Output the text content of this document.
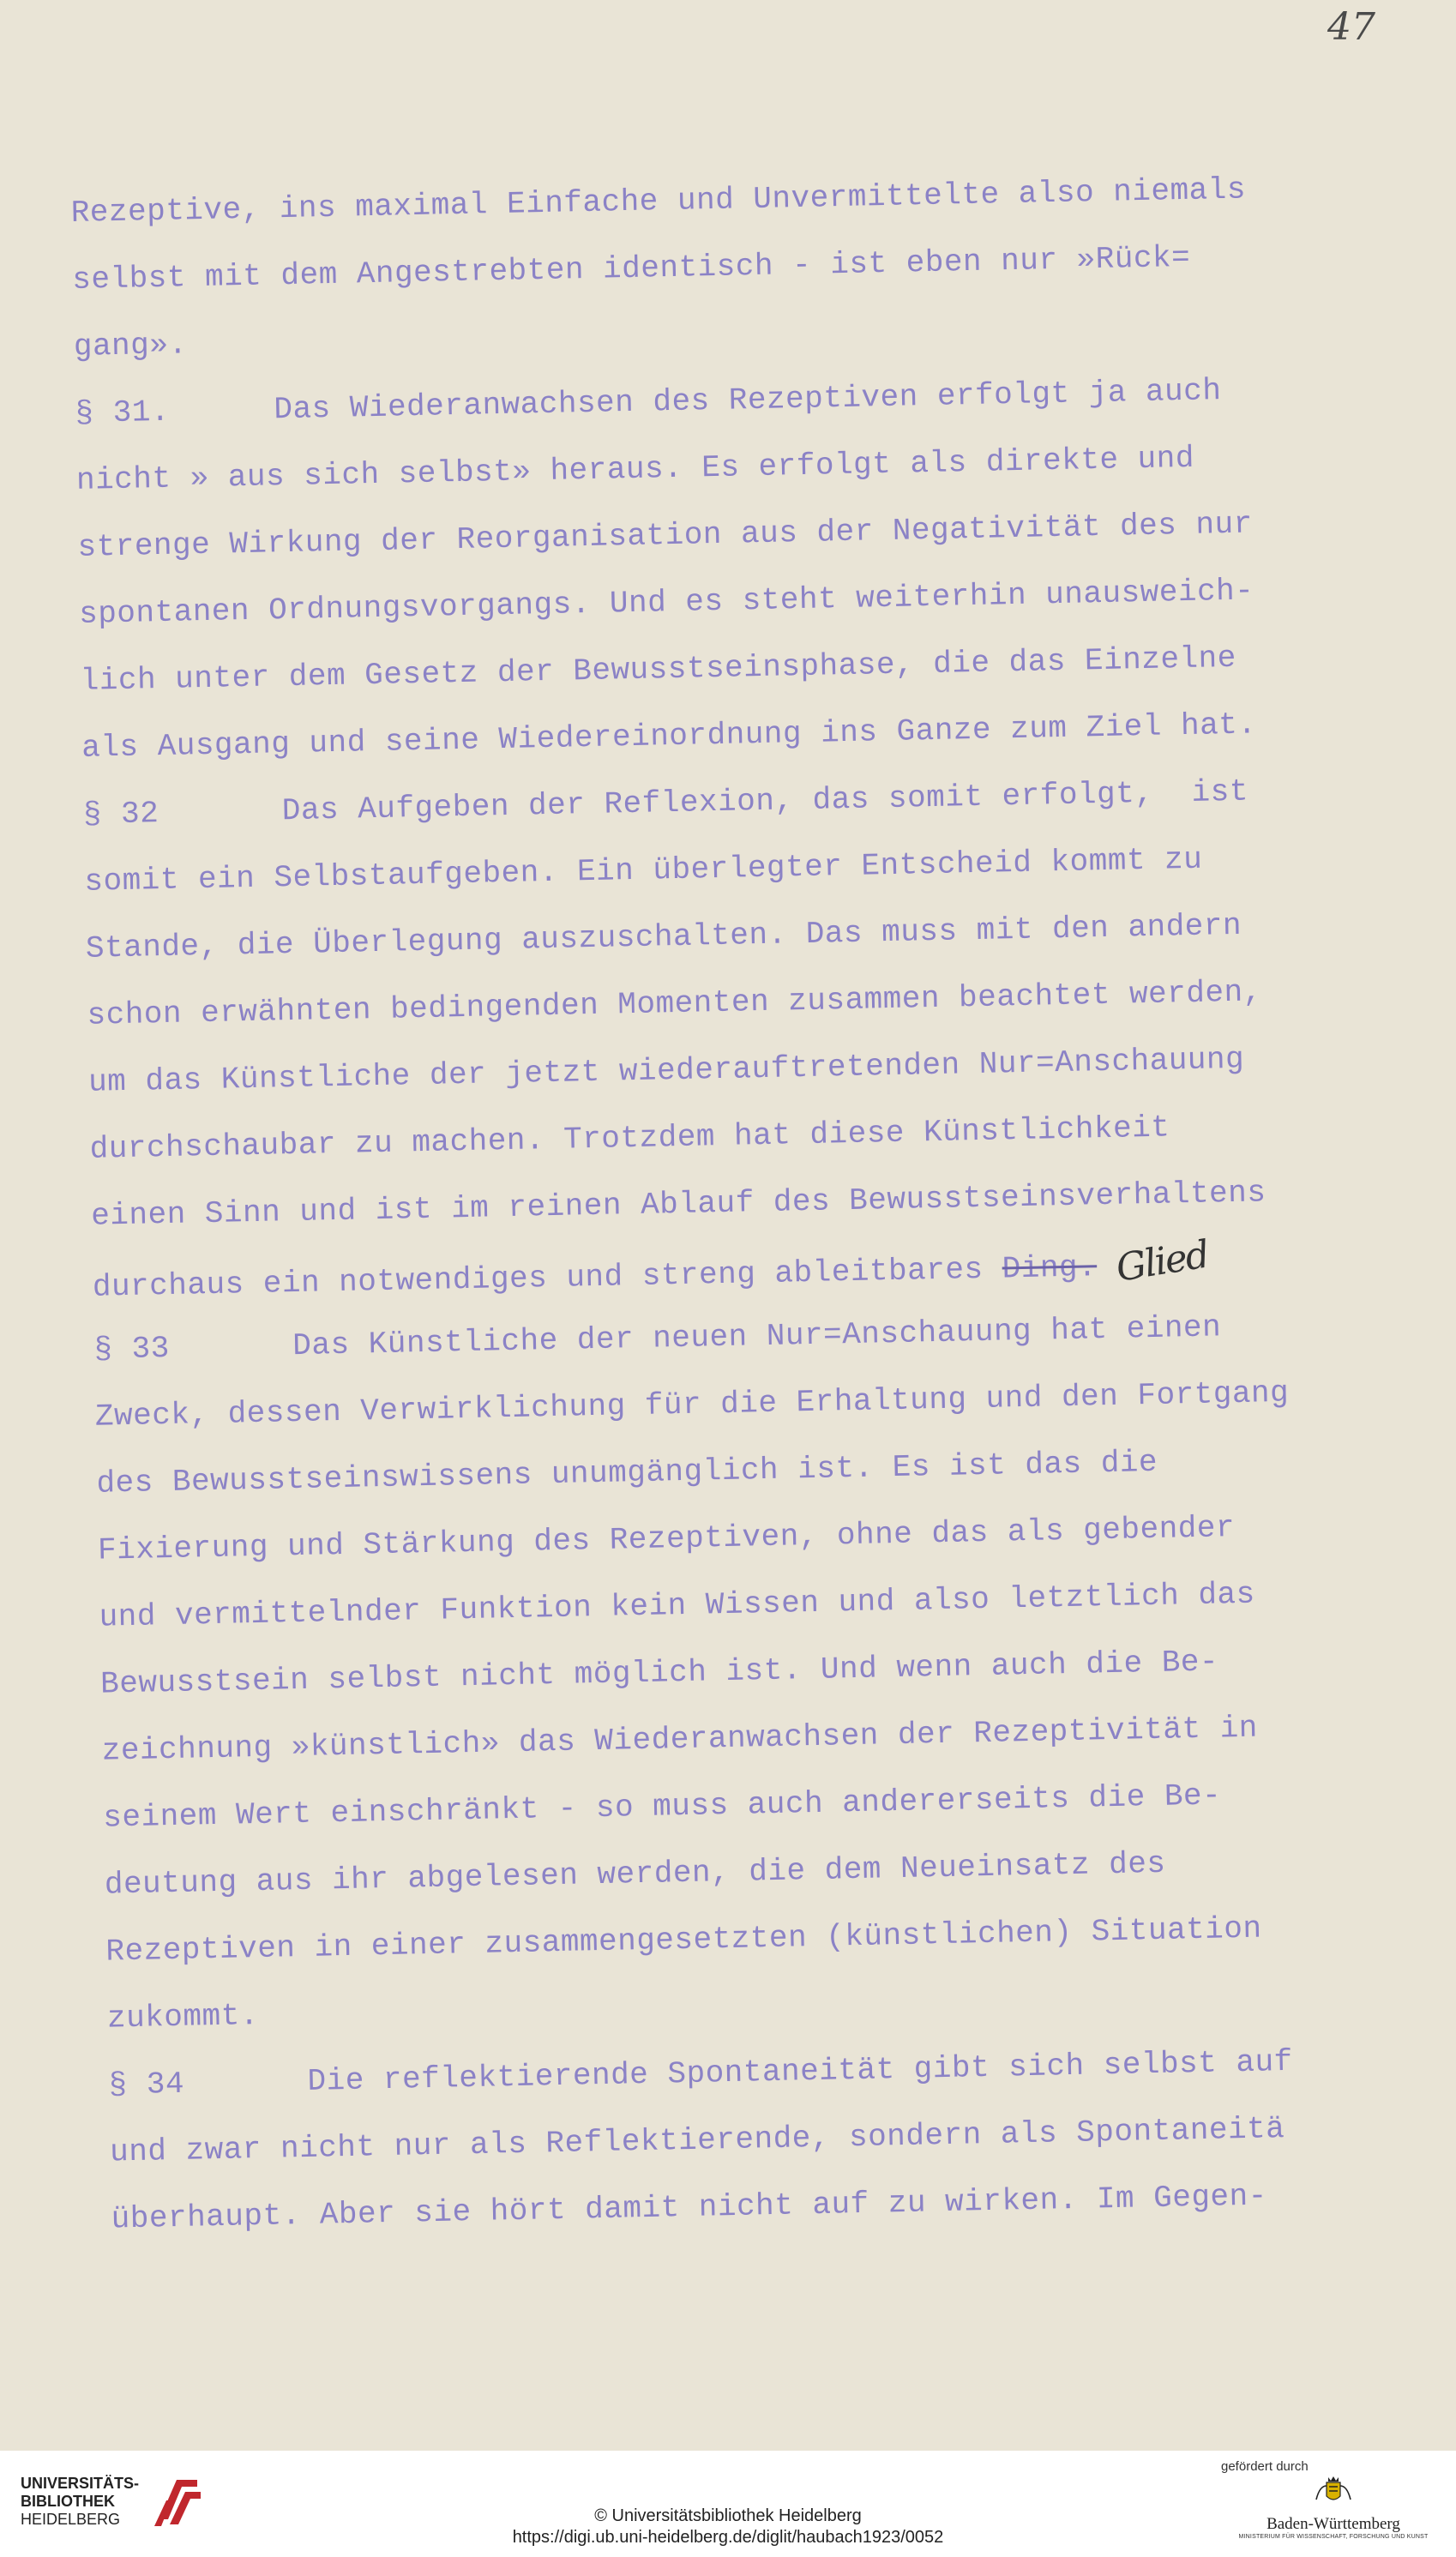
47
Rezeptive, ins maximal Einfache und Unvermittelte also niemals
selbst mit dem Angestrebten identisch - ist eben nur »Rück=
gang».
§ 31.	Das Wiederanwachsen des Rezeptiven erfolgt ja auch
nicht » aus sich selbst» heraus. Es erfolgt als direkte und
strenge Wirkung der Reorganisation aus der Negativität des nur
spontanen Ordnungsvorgangs. Und es steht weiterhin unausweich-
lich unter dem Gesetz der Bewusstseinsphase, die das Einzelne
als Ausgang und seine Wiedereinordnung ins Ganze zum Ziel hat.
§ 32	Das Aufgeben der Reflexion, das somit erfolgt,  ist
somit ein Selbstaufgeben. Ein überlegter Entscheid kommt zu
Stande, die Überlegung auszuschalten. Das muss mit den andern
schon erwähnten bedingenden Momenten zusammen beachtet werden,
um das Künstliche der jetzt wiederauftretenden Nur=Anschauung
durchschaubar zu machen. Trotzdem hat diese Künstlichkeit
einen Sinn und ist im reinen Ablauf des Bewusstseinsverhaltens
durchaus ein notwendiges und streng ableitbares Ding. Glied
§ 33	Das Künstliche der neuen Nur=Anschauung hat einen
Zweck, dessen Verwirklichung für die Erhaltung und den Fortgang
des Bewusstseinswissens unumgänglich ist. Es ist das die
Fixierung und Stärkung des Rezeptiven, ohne das als gebender
und vermittelnder Funktion kein Wissen und also letztlich das
Bewusstsein selbst nicht möglich ist. Und wenn auch die Be-
zeichnung »künstlich» das Wiederanwachsen der Rezeptivität in
seinem Wert einschränkt - so muss auch andererseits die Be-
deutung aus ihr abgelesen werden, die dem Neueinsatz des
Rezeptiven in einer zusammengesetzten (künstlichen) Situation
zukommt.
§ 34	Die reflektierende Spontaneität gibt sich selbst auf
und zwar nicht nur als Reflektierende, sondern als Spontaneitä
überhaupt. Aber sie hört damit nicht auf zu wirken. Im Gegen-
UNIVERSITÄTS-
BIBLIOTHEK
HEIDELBERG	© Universitätsbibliothek Heidelberg
https://digi.ub.uni-heidelberg.de/diglit/haubach1923/0052
gefördert durch
Baden-Württemberg
MINISTERIUM FÜR WISSENSCHAFT, FORSCHUNG UND KUNST
